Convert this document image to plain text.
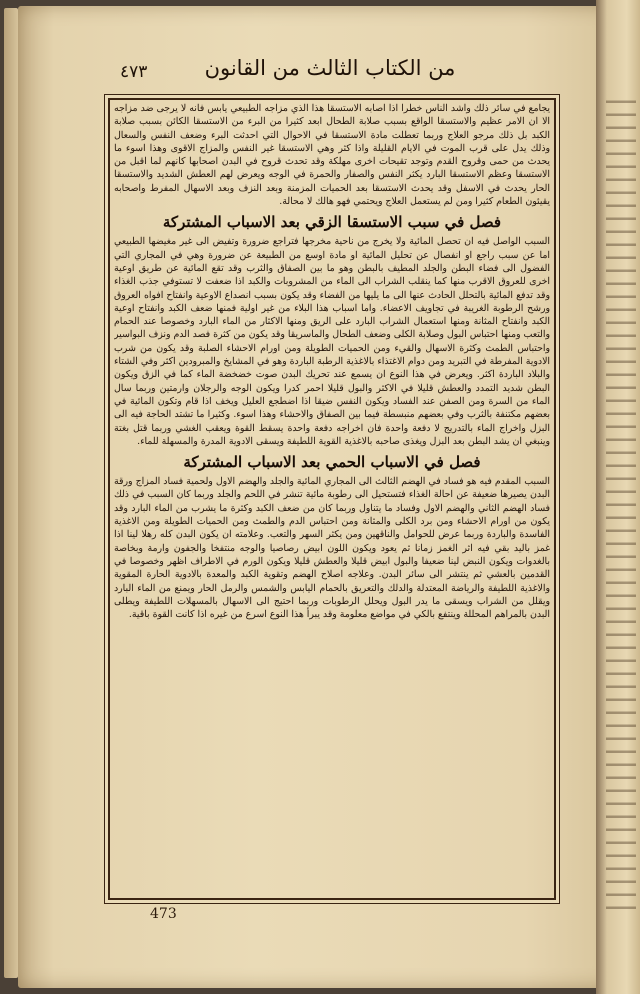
من الكتاب الثالث من القانون
٤٧٣

يجامع في سائر ذلك واشد الناس خطرا اذا اصابه الاستسقا هذا الذي مزاجه الطبيعي يابس فانه لا يرجى ضد مزاجه الا ان الامر عظيم والاستسقا الواقع بسبب صلابة الطحال ابعد كثيرا من البرء من الاستسقا الكائن بسبب صلابة الكبد بل ذلك مرجو العلاج وربما تعطلت مادة الاستسقا في الاحوال التي احدثت البرء وضعف النفس والسعال وذلك يدل على قرب الموت في الايام القليلة واذا كثر وهي الاستسقا غير النفس والمزاج الاقوى وهذا اسوء ما يحدث من حمى وقروح القدم وتوجد تقيحات اخرى مهلكة وقد تحدث قروح في البدن اصحابها كانهم لما اقبل من الاستسقا وعظم الاستسقا البارد يكثر النفس والصفار والحمرة في الوجه ويعرض لهم العطش الشديد والاستسقا الحار يحدث في الاسفل وقد يحدث الاستسقا بعد الحميات المزمنة وبعد النزف وبعد الاسهال المفرط واصحابه يقيئون الطعام كثيرا ومن لم يستعمل العلاج ويحتمي فهو هالك لا محالة.

فصل في سبب الاستسقا الزقي بعد الاسباب المشتركة

السبب الواصل فيه ان تحصل المائية ولا يخرج من ناحية مخرجها فتراجع ضرورة وتفيض الى غير مغيضها الطبيعي اما عن سبب راجع او انفصال عن تحليل المائية او مادة اوسع من الطبيعة عن ضرورة وهي في المجاري التي الفضول الى فضاء البطن والجلد المطيف بالبطن وهو ما بين الصفاق والثرب وقد تقع المائية عن طريق اوعية اخرى للعروق الاقرب منها كما ينقلب الشراب الى الماء من المشروبات والكبد اذا ضعفت لا تستوفي جذب الغذاء وقد تدفع المائية بالتحلل الحادث عنها الى ما يليها من الفضاء وقد يكون بسبب انصداع الاوعية وانفتاح افواه العروق ورشح الرطوبة الغريبة في تجاويف الاعضاء. واما اسباب هذا البلاء من غير اولية فمنها ضعف الكبد وانفتاح اوعية الكبد وانفتاح المثانة ومنها استعمال الشراب البارد على الريق ومنها الاكثار من الماء البارد وخصوصا عند الحمام والتعب ومنها احتباس البول وصلابة الكلى وضعف الطحال والماسريقا وقد يكون من كثرة فصد الدم ونزف البواسير واحتباس الطمث وكثرة الاسهال والقيء ومن الحميات الطويلة ومن اورام الاحشاء الصلبة وقد يكون من شرب الادوية المفرطة في التبريد ومن دوام الاغتذاء بالاغذية الرطبة الباردة وهو في المشايخ والمبرودين اكثر وفي الشتاء والبلاد الباردة اكثر. ويعرض في هذا النوع ان يسمع عند تحريك البدن صوت خضخضة الماء كما في الزق ويكون البطن شديد التمدد والعطش قليلا في الاكثر والبول قليلا احمر كدرا ويكون الوجه والرجلان وارمتين وربما سال الماء من السرة ومن الصفن عند الفساد ويكون النفس ضيقا اذا اضطجع العليل ويخف اذا قام وتكون المائية في بعضهم مكتنفة بالثرب وفي بعضهم منبسطة فيما بين الصفاق والاحشاء وهذا اسوء. وكثيرا ما تشتد الحاجة فيه الى البزل واخراج الماء بالتدريج لا دفعة واحدة فان اخراجه دفعة واحدة يسقط القوة ويعقب الغشي وربما قتل بغتة وينبغي ان يشد البطن بعد البزل ويغذى صاحبه بالاغذية القوية اللطيفة ويسقى الادوية المدرة والمسهلة للماء.

فصل في الاسباب الحمي بعد الاسباب المشتركة

السبب المقدم فيه هو فساد في الهضم الثالث الى المجاري المائية والجلد والهضم الاول ولحمية فساد المزاج ورقة البدن يصيرها ضعيفة عن احالة الغذاء فتستحيل الى رطوبة مائية تنشر في اللحم والجلد وربما كان السبب في ذلك فساد الهضم الثاني والهضم الاول وفساد ما يتناول وربما كان من ضعف الكبد وكثرة ما يشرب من الماء البارد وقد يكون من اورام الاحشاء ومن برد الكلى والمثانة ومن احتباس الدم والطمث ومن الحميات الطويلة ومن الاغذية الفاسدة والباردة وربما عرض للحوامل والناقهين ومن يكثر السهر والتعب. وعلامته ان يكون البدن كله رهلا لينا اذا غمز باليد بقي فيه اثر الغمز زمانا ثم يعود ويكون اللون ابيض رصاصيا والوجه منتفخا والجفون وارمة وبخاصة بالغدوات ويكون النبض لينا ضعيفا والبول ابيض قليلا والعطش قليلا ويكون الورم في الاطراف اظهر وخصوصا في القدمين بالعشي ثم ينتشر الى سائر البدن. وعلاجه اصلاح الهضم وتقوية الكبد والمعدة بالادوية الحارة المقوية والاغذية اللطيفة والرياضة المعتدلة والدلك والتعريق بالحمام اليابس والشمس والرمل الحار ويمنع من الماء البارد ويقلل من الشراب ويسقى ما يدر البول ويحلل الرطوبات وربما احتيج الى الاسهال بالمسهلات اللطيفة ويطلى البدن بالمراهم المحللة وينتفع بالكي في مواضع معلومة وقد يبرأ هذا النوع اسرع من غيره اذا كانت القوة باقية.

473
